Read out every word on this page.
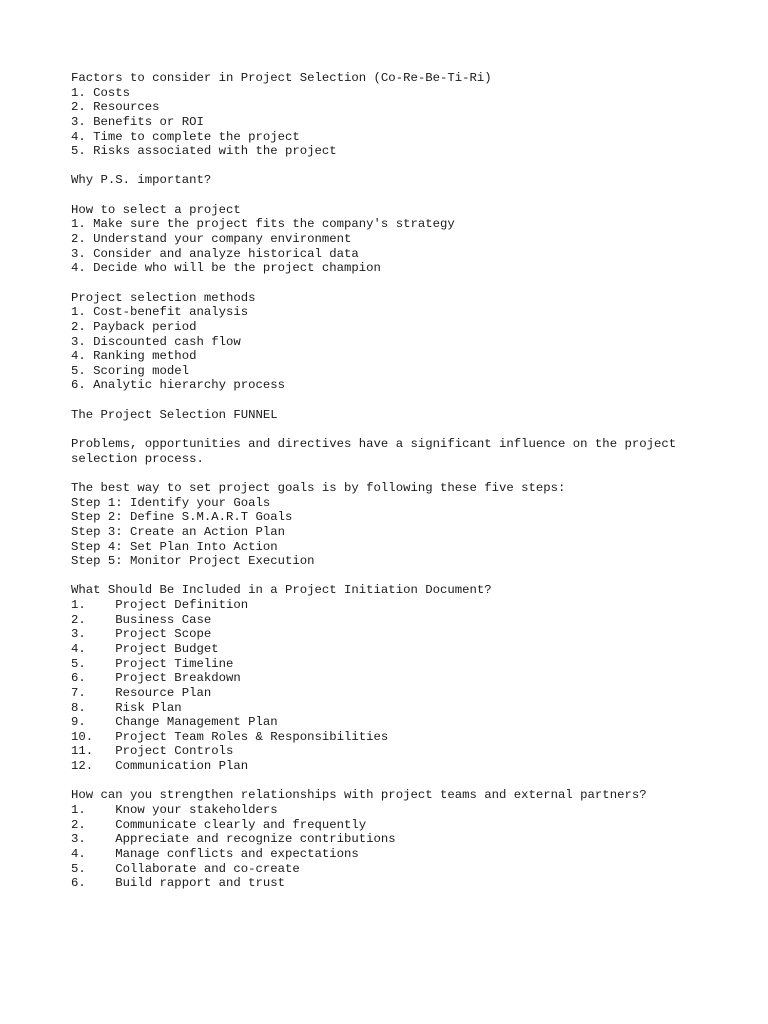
Factors to consider in Project Selection (Co-Re-Be-Ti-Ri)
1. Costs
2. Resources
3. Benefits or ROI
4. Time to complete the project
5. Risks associated with the project
Why P.S. important?
How to select a project
1. Make sure the project fits the company's strategy
2. Understand your company environment
3. Consider and analyze historical data
4. Decide who will be the project champion
Project selection methods
1. Cost-benefit analysis
2. Payback period
3. Discounted cash flow
4. Ranking method
5. Scoring model
6. Analytic hierarchy process
The Project Selection FUNNEL
Problems, opportunities and directives have a significant influence on the project
selection process.
The best way to set project goals is by following these five steps:
Step 1: Identify your Goals
Step 2: Define S.M.A.R.T Goals
Step 3: Create an Action Plan
Step 4: Set Plan Into Action
Step 5: Monitor Project Execution
What Should Be Included in a Project Initiation Document?
1.    Project Definition
2.    Business Case
3.    Project Scope
4.    Project Budget
5.    Project Timeline
6.    Project Breakdown
7.    Resource Plan
8.    Risk Plan
9.    Change Management Plan
10.   Project Team Roles & Responsibilities
11.   Project Controls
12.   Communication Plan
How can you strengthen relationships with project teams and external partners?
1.    Know your stakeholders
2.    Communicate clearly and frequently
3.    Appreciate and recognize contributions
4.    Manage conflicts and expectations
5.    Collaborate and co-create
6.    Build rapport and trust
